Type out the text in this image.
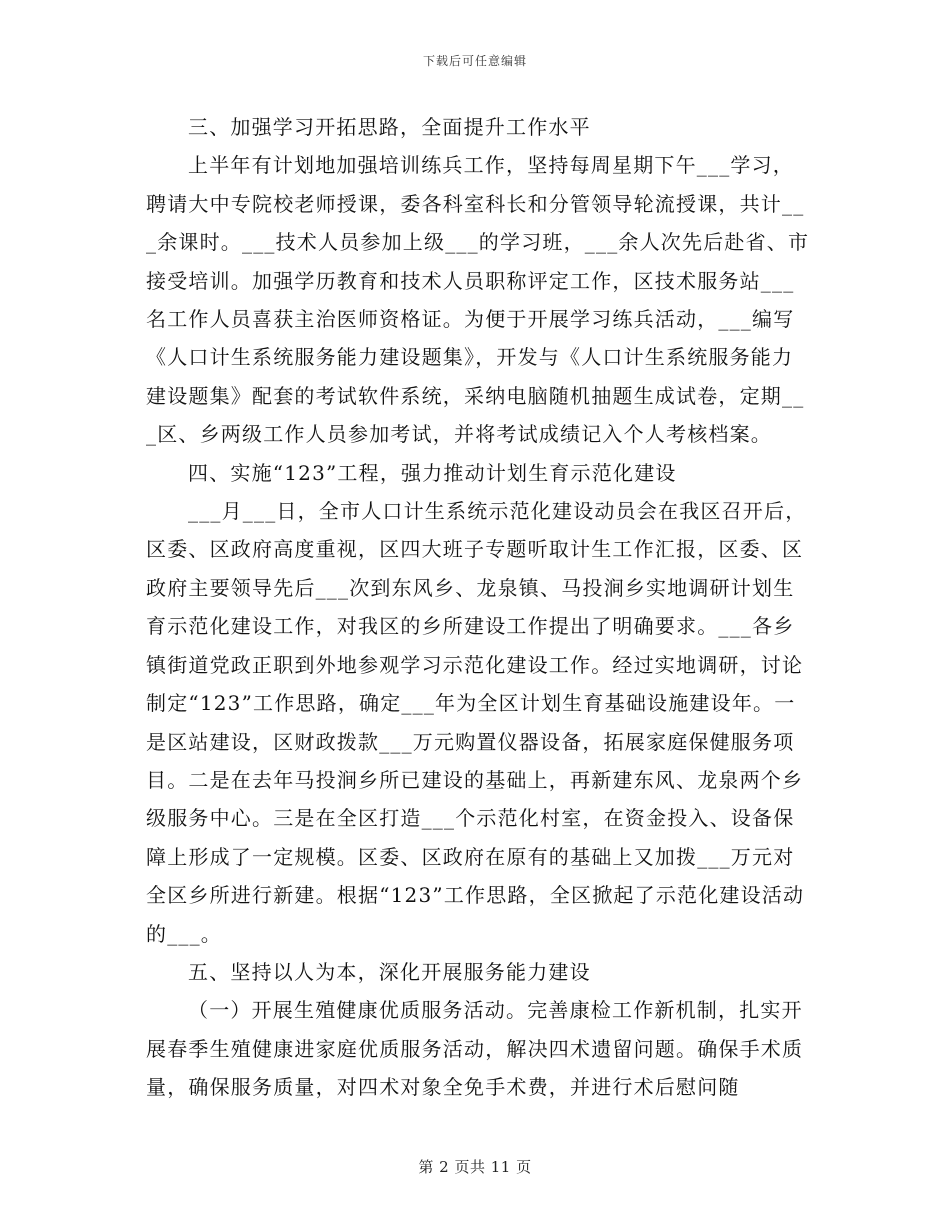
下载后可任意编辑

三、加强学习开拓思路，全面提升工作水平

上半年有计划地加强培训练兵工作，坚持每周星期下午___学习，聘请大中专院校老师授课，委各科室科长和分管领导轮流授课，共计___余课时。___技术人员参加上级___的学习班，___余人次先后赴省、市接受培训。加强学历教育和技术人员职称评定工作，区技术服务站___名工作人员喜获主治医师资格证。为便于开展学习练兵活动，___编写《人口计生系统服务能力建设题集》，开发与《人口计生系统服务能力建设题集》配套的考试软件系统，采纳电脑随机抽题生成试卷，定期___区、乡两级工作人员参加考试，并将考试成绩记入个人考核档案。

四、实施“123”工程，强力推动计划生育示范化建设

___月___日，全市人口计生系统示范化建设动员会在我区召开后，区委、区政府高度重视，区四大班子专题听取计生工作汇报，区委、区政府主要领导先后___次到东风乡、龙泉镇、马投涧乡实地调研计划生育示范化建设工作，对我区的乡所建设工作提出了明确要求。___各乡镇街道党政正职到外地参观学习示范化建设工作。经过实地调研，讨论制定“123”工作思路，确定___年为全区计划生育基础设施建设年。一是区站建设，区财政拨款___万元购置仪器设备，拓展家庭保健服务项目。二是在去年马投涧乡所已建设的基础上，再新建东风、龙泉两个乡级服务中心。三是在全区打造___个示范化村室，在资金投入、设备保障上形成了一定规模。区委、区政府在原有的基础上又加拨___万元对全区乡所进行新建。根据“123”工作思路，全区掀起了示范化建设活动的___。

五、坚持以人为本，深化开展服务能力建设

（一）开展生殖健康优质服务活动。完善康检工作新机制，扎实开展春季生殖健康进家庭优质服务活动，解决四术遗留问题。确保手术质量，确保服务质量，对四术对象全免手术费，并进行术后慰问随

第 2 页共 11 页
